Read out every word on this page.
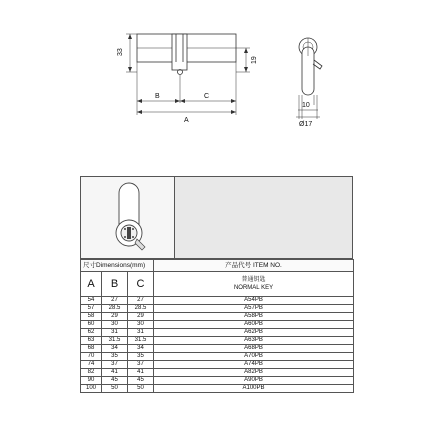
33
19
B	C
A
10
Ø17
尺寸Dimensions(mm)			产品代号 ITEM NO.
A	B	C	普通钥匙
NORMAL KEY

54	27	27	A54PB
57	28.5	28.5	A57PB
58	29	29	A58PB
60	30	30	A60PB
62	31	31	A62PB
63	31.5	31.5	A63PB
68	34	34	A68PB
70	35	35	A70PB
74	37	37	A74PB
82	41	41	A82PB
90	45	45	A90PB
100	50	50	A100PB
